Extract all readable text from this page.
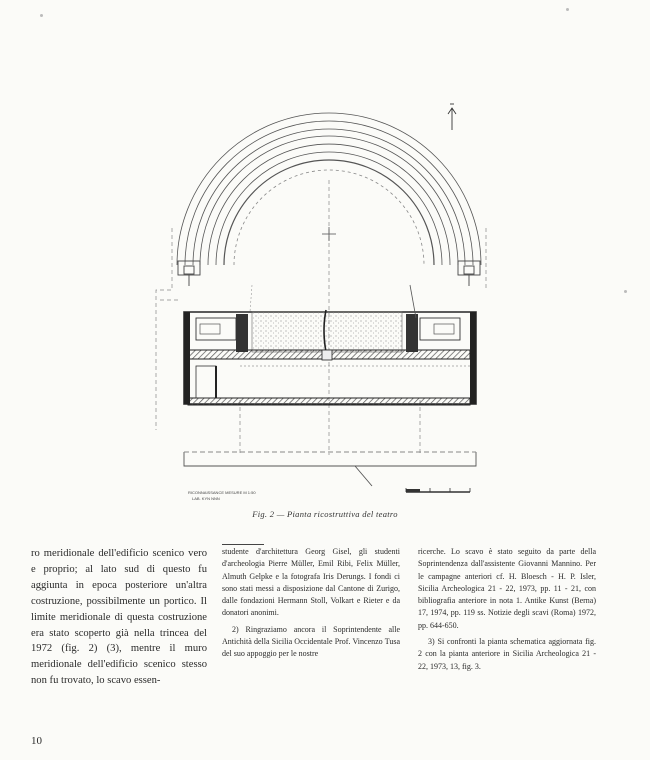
RICONNAISSANCE MESURE M 1:50
LAB. KYN NNN
Fig. 2 — Pianta ricostruttiva del teatro

ro meridionale dell'edificio scenico vero e proprio; al lato sud di questo fu aggiunta in epoca posteriore un'altra costruzione, possibilmente un portico. Il limite meridionale di questa costruzione era stato scoperto già nella trincea del 1972 (fig. 2) (3), mentre il muro meridionale dell'edificio scenico stesso non fu trovato, lo scavo essen-

studente d'architettura Georg Gisel, gli studenti d'archeologia Pierre Müller, Emil Ribi, Felix Müller, Almuth Gelpke e la fotografa Iris Derungs. I fondi ci sono stati messi a disposizione dal Cantone di Zurigo, dalle fondazioni Hermann Stoll, Volkart e Rieter e da donatori anonimi.

2) Ringraziamo ancora il Soprintendente alle Antichità della Sicilia Occidentale Prof. Vincenzo Tusa del suo appoggio per le nostre

ricerche. Lo scavo è stato seguito da parte della Soprintendenza dall'assistente Giovanni Mannino. Per le campagne anteriori cf. H. Bloesch - H. P. Isler, Sicilia Archeologica 21 - 22, 1973, pp. 11 - 21, con bibliografia anteriore in nota 1. Antike Kunst (Berna) 17, 1974, pp. 119 ss. Notizie degli scavi (Roma) 1972, pp. 644-650.

3) Si confronti la pianta schematica aggiornata fig. 2 con la pianta anteriore in Sicilia Archeologica 21 - 22, 1973, 13, fig. 3.

10
